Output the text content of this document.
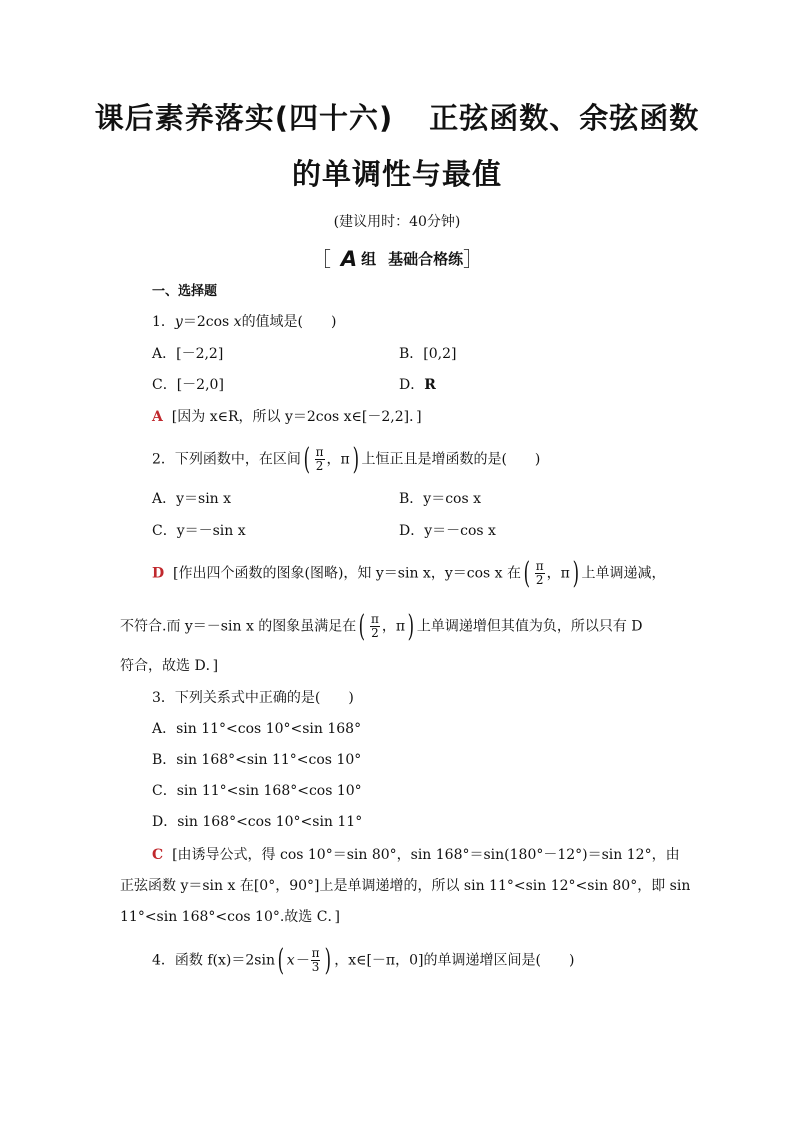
课后素养落实(四十六) 正弦函数、余弦函数
的单调性与最值
(建议用时：40分钟)
［ A 组 基础合格练］
一、选择题
1．y＝2cos x的值域是(　　)
A．[－2,2]	B．[0,2]
C．[－2,0]	D．R
A [因为 x∈R，所以 y＝2cos x∈[－2,2]．]
2．下列函数中，在区间( $\frac{\pi}{2}$ ，π) 上恒正且是增函数的是(　　)
A．y＝sin x	B．y＝cos x
C．y＝－sin x	D．y＝－cos x
D [作出四个函数的图象(图略)，知 y＝sin x，y＝cos x 在( $\frac{\pi}{2}$ ，π) 上单调递减，
不符合.而 y＝－sin x 的图象虽满足在( $\frac{\pi}{2}$ ，π) 上单调递增但其值为负，所以只有 D
符合，故选 D．]
3．下列关系式中正确的是(　　)
A．sin 11°<cos 10°<sin 168°
B．sin 168°<sin 11°<cos 10°
C．sin 11°<sin 168°<cos 10°
D．sin 168°<cos 10°<sin 11°
C [由诱导公式，得 cos 10°＝sin 80°，sin 168°＝sin(180°－12°)＝sin 12°，由
正弦函数 y＝sin x 在[0°，90°]上是单调递增的，所以 sin 11°<sin 12°<sin 80°，即 sin
11°<sin 168°<cos 10°.故选 C．]
4．函数 f(x)＝2sin( $x- \frac{\pi}{3}$ ) ，x∈[－π，0]的单调递增区间是(　　)
